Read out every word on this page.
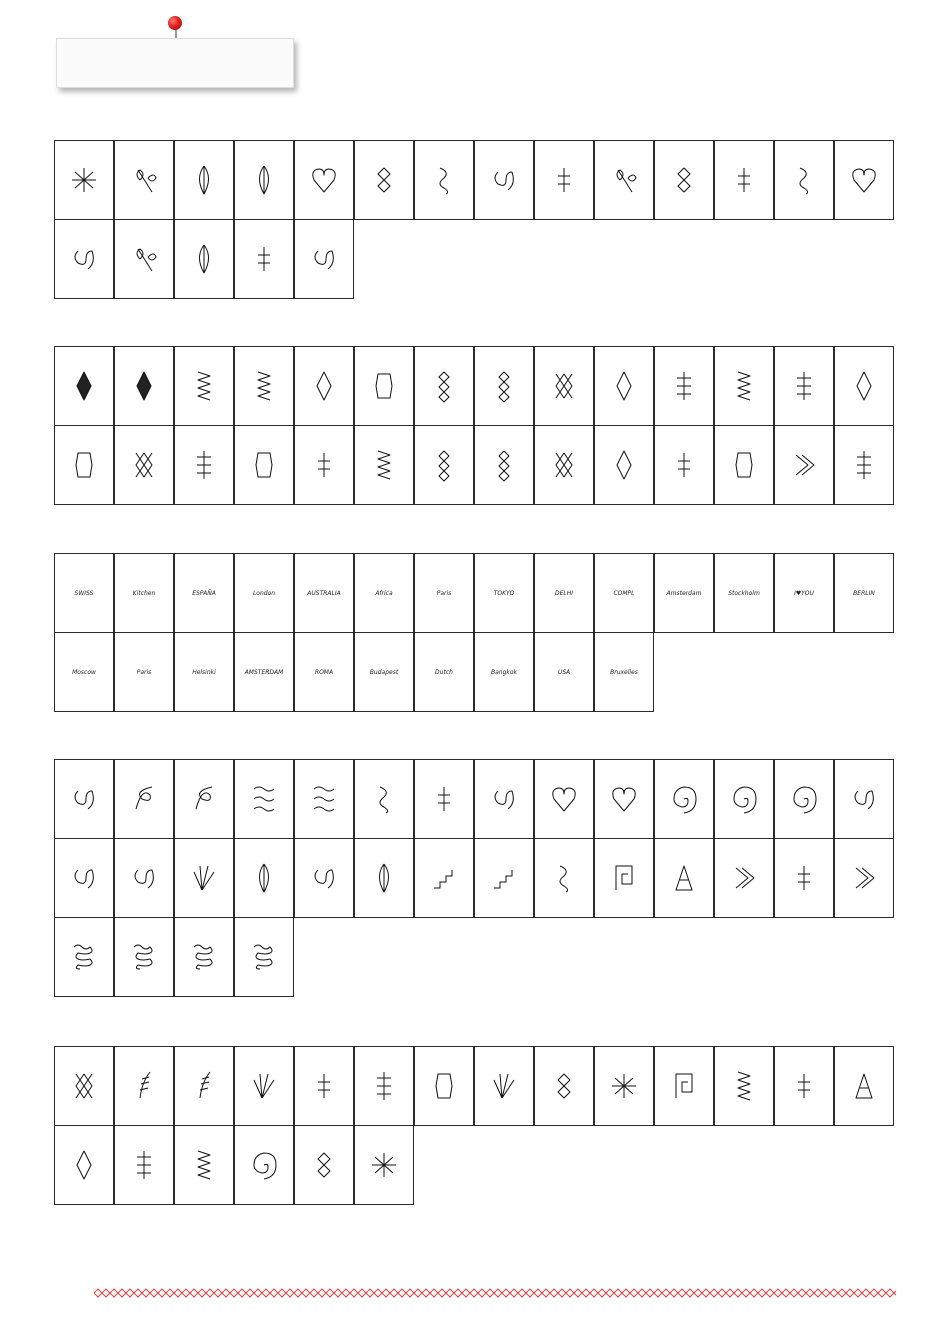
SWISS	Kitchen	ESPAÑA	London	AUSTRALIA	Africa	Paris	TOKYO	DELHI	COMPL	Amsterdam	Stockholm	I♥YOU	BERLIN
Moscow	Paris	Helsinki	AMSTERDAM	ROMA	Budapest	Dutch	Bangkok	USA	Bruxelles
